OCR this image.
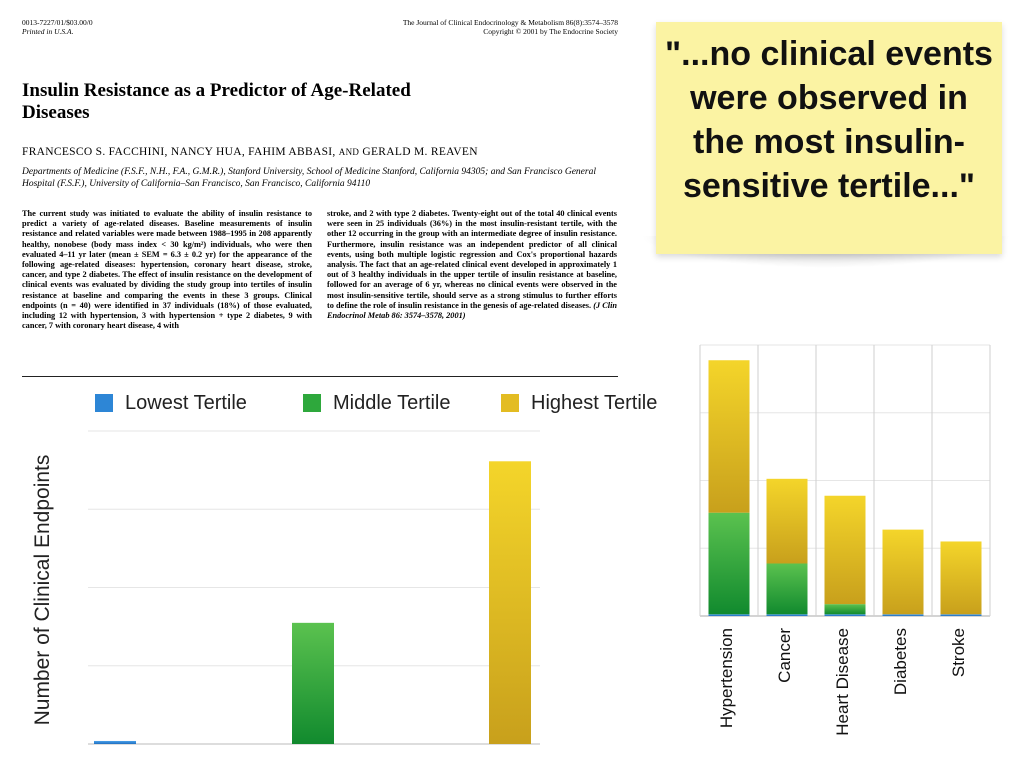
0013-7227/01/$03.00/0
Printed in U.S.A.
The Journal of Clinical Endocrinology & Metabolism 86(8):3574–3578
Copyright © 2001 by The Endocrine Society
Insulin Resistance as a Predictor of Age-Related Diseases
FRANCESCO S. FACCHINI, NANCY HUA, FAHIM ABBASI, AND GERALD M. REAVEN
Departments of Medicine (F.S.F., N.H., F.A., G.M.R.), Stanford University, School of Medicine Stanford, California 94305; and San Francisco General Hospital (F.S.F.), University of California–San Francisco, San Francisco, California 94110
The current study was initiated to evaluate the ability of insulin resistance to predict a variety of age-related diseases. Baseline measurements of insulin resistance and related variables were made between 1988–1995 in 208 apparently healthy, nonobese (body mass index < 30 kg/m²) individuals, who were then evaluated 4–11 yr later (mean ± SEM = 6.3 ± 0.2 yr) for the appearance of the following age-related diseases: hypertension, coronary heart disease, stroke, cancer, and type 2 diabetes. The effect of insulin resistance on the development of clinical events was evaluated by dividing the study group into tertiles of insulin resistance at baseline and comparing the events in these 3 groups. Clinical endpoints (n = 40) were identified in 37 individuals (18%) of those evaluated, including 12 with hypertension, 3 with hypertension + type 2 diabetes, 9 with cancer, 7 with coronary heart disease, 4 with
stroke, and 2 with type 2 diabetes. Twenty-eight out of the total 40 clinical events were seen in 25 individuals (36%) in the most insulin-resistant tertile, with the other 12 occurring in the group with an intermediate degree of insulin resistance. Furthermore, insulin resistance was an independent predictor of all clinical events, using both multiple logistic regression and Cox's proportional hazards analysis. The fact that an age-related clinical event developed in approximately 1 out of 3 healthy individuals in the upper tertile of insulin resistance at baseline, followed for an average of 6 yr, whereas no clinical events were observed in the most insulin-sensitive tertile, should serve as a strong stimulus to further efforts to define the role of insulin resistance in the genesis of age-related diseases. (J Clin Endocrinol Metab 86: 3574–3578, 2001)
"...no clinical events were observed in the most insulin-sensitive tertile..."
Lowest Tertile	Middle Tertile	Highest Tertile
Number of Clinical Endpoints	Hypertension Cancer Heart Disease Diabetes Stroke
